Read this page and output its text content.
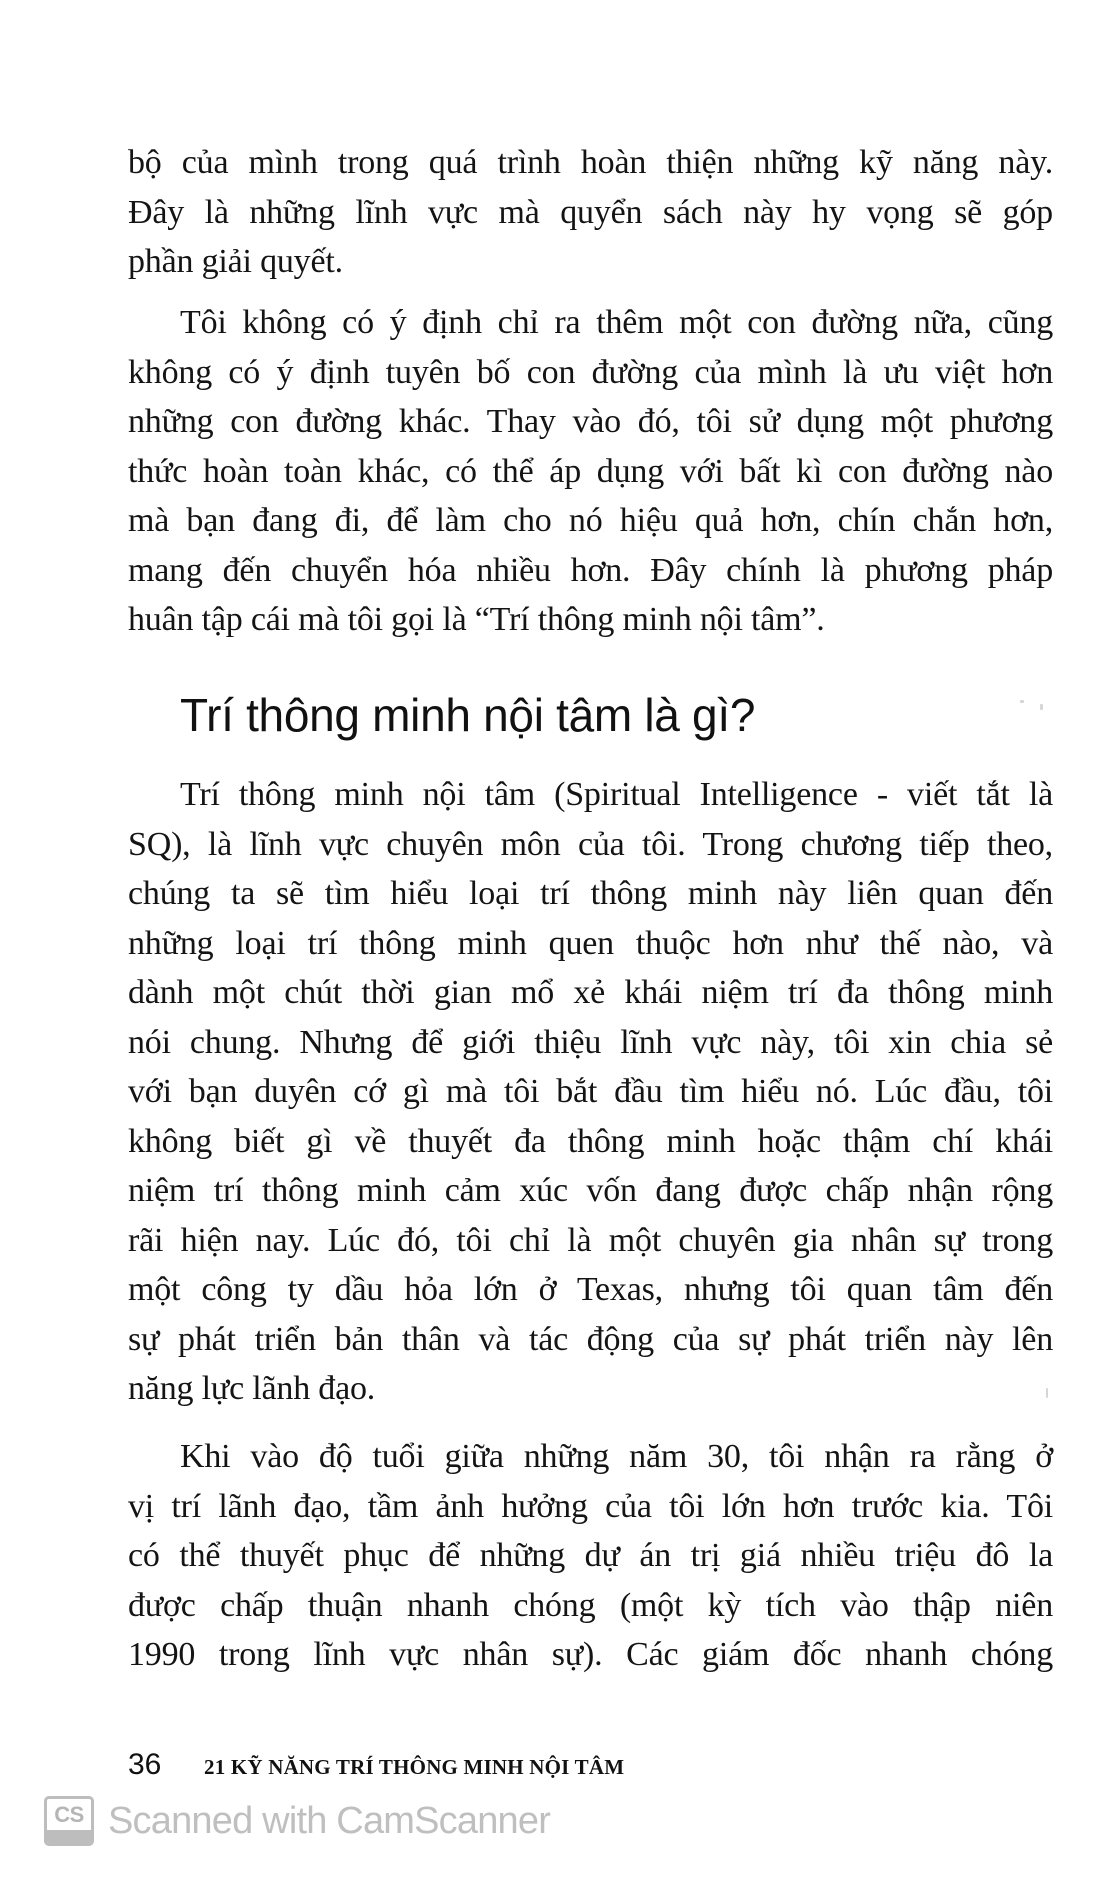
bộ của mình trong quá trình hoàn thiện những kỹ năng này.
Đây là những lĩnh vực mà quyển sách này hy vọng sẽ góp
phần giải quyết.

Tôi không có ý định chỉ ra thêm một con đường nữa, cũng
không có ý định tuyên bố con đường của mình là ưu việt hơn
những con đường khác. Thay vào đó, tôi sử dụng một phương
thức hoàn toàn khác, có thể áp dụng với bất kì con đường nào
mà bạn đang đi, để làm cho nó hiệu quả hơn, chín chắn hơn,
mang đến chuyển hóa nhiều hơn. Đây chính là phương pháp
huân tập cái mà tôi gọi là “Trí thông minh nội tâm”.

Trí thông minh nội tâm là gì?

Trí thông minh nội tâm (Spiritual Intelligence - viết tắt là
SQ), là lĩnh vực chuyên môn của tôi. Trong chương tiếp theo,
chúng ta sẽ tìm hiểu loại trí thông minh này liên quan đến
những loại trí thông minh quen thuộc hơn như thế nào, và
dành một chút thời gian mổ xẻ khái niệm trí đa thông minh
nói chung. Nhưng để giới thiệu lĩnh vực này, tôi xin chia sẻ
với bạn duyên cớ gì mà tôi bắt đầu tìm hiểu nó. Lúc đầu, tôi
không biết gì về thuyết đa thông minh hoặc thậm chí khái
niệm trí thông minh cảm xúc vốn đang được chấp nhận rộng
rãi hiện nay. Lúc đó, tôi chỉ là một chuyên gia nhân sự trong
một công ty dầu hỏa lớn ở Texas, nhưng tôi quan tâm đến
sự phát triển bản thân và tác động của sự phát triển này lên
năng lực lãnh đạo.

Khi vào độ tuổi giữa những năm 30, tôi nhận ra rằng ở
vị trí lãnh đạo, tầm ảnh hưởng của tôi lớn hơn trước kia. Tôi
có thể thuyết phục để những dự án trị giá nhiều triệu đô la
được chấp thuận nhanh chóng (một kỳ tích vào thập niên
1990 trong lĩnh vực nhân sự). Các giám đốc nhanh chóng

36	21 KỸ NĂNG TRÍ THÔNG MINH NỘI TÂM
CS Scanned with CamScanner
